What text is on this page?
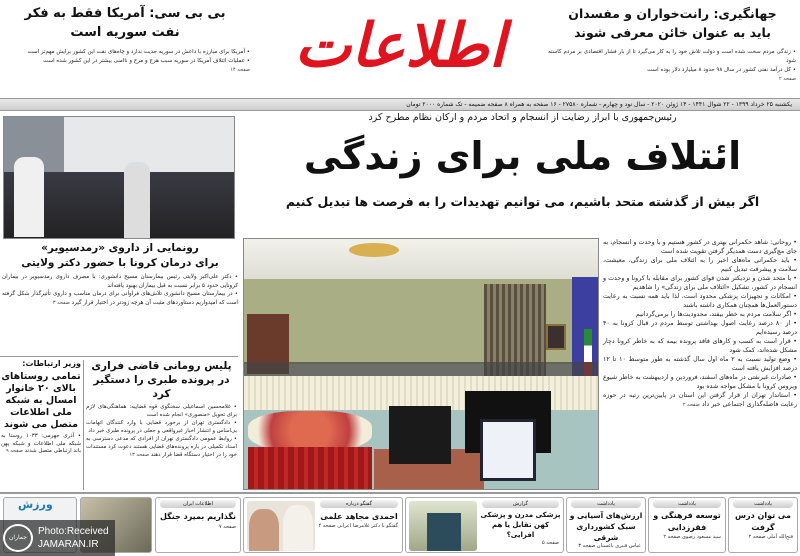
بی بی سی: آمریکا فقط به فکر
نفت سوریه است
• آمریکا برای مبارزه با داعش در سوریه جدیت ندارد و چاه‌های نفت این کشور برایش مهم‌تر است
• عملیات ائتلاف آمریکا در سوریه سبب هرج و مرج و ناامنی بیشتر در این کشور شده است
صفحه ۱۴ اطلاعات	جهانگیری: رانت‌خواران و مفسدان
باید به عنوان خائن معرفی شوند
• زندگی مردم سخت شده است و دولت تلاش خود را به کار می‌گیرد تا از بار فشار اقتصادی بر مردم کاسته شود
• کل درآمد نفتی کشور در سال ۹۸ حدود ۸ میلیارد دلار بوده است
صفحه ۲
یکشنبه ۲۵ خرداد ۱۳۹۹ - ۲۲ شوال ۱۴۴۱ - ۱۴ ژوئن ۲۰۲۰ - سال نود و چهارم - شماره ۲۷۵۸۰ - ۱۶ صفحه به همراه ۸ صفحه ضمیمه - تک شماره ۲۰۰۰ تومان
رئیس‌جمهوری با ابراز رضایت از انسجام و اتحاد مردم و ارکان نظام مطرح کرد
ائتلاف ملی برای زندگی
اگر بیش از گذشته متحد باشیم، می توانیم تهدیدات را به فرصت ها تبدیل کنیم
• روحانی: شاهد حکمرانی بهتری در کشور هستیم و با وحدت و انسجام، به جای مچ‌گیری دست همدیگر گرفتن تقویت شده است
• باید حکمرانی ماه‌های اخیر را به ائتلاف ملی برای زندگی، معیشت، سلامت و پیشرفت تبدیل کنیم
• با متحد شدن و نزدیکتر شدن قوای کشور برای مقابله با کرونا و وحدت و انسجام در کشور، تشکیل «ائتلاف ملی برای زندگی» را شاهدیم
• امکانات و تجهیزات پزشکی محدود است، لذا باید همه نسبت به رعایت دستورالعمل‌ها همچنان همکاری داشته باشند
• اگر سلامت مردم به خطر بیفتد، محدودیت‌ها را برمی‌گردانیم
• از ۸۰ درصد رعایت اصول بهداشتی توسط مردم در قبال کرونا به ۴۰ درصد رسیده‌ایم
• قرار است به کسب و کارهای فاقد پرونده بیمه که به خاطر کرونا دچار مشکل شده‌اند، کمک شود
• وضع تولید نسبت به ۲ ماه اول سال گذشته به طور متوسط ۱۰ تا ۱۲ درصد افزایش یافته است
• صادرات غیرنفتی در ماه‌های اسفند، فروردین و اردیبهشت به خاطر شیوع ویروس کرونا با مشکل مواجه شده بود
• استاندار تهران از قرار گرفتن این استان در پایین‌ترین رتبه در حوزه رعایت فاصله‌گذاری اجتماعی خبر داد صفحه ۲
رونمایی از داروی «رمدسیویر»
برای درمان کرونا با حضور دکتر ولایتی
• دکتر علی‌اکبر ولایتی رئیس بیمارستان مسیح دانشوری: با مصرف داروی رمدسیویر در بیماران کرونایی حدود ۵ برابر نسبت به قبل بیماران بهبود یافته‌اند
• در بیمارستان مسیح دانشوری تلاش‌های فراوانی برای درمان مناسب و داروی تأثیرگذار شکل گرفته است که امیدواریم دستاوردهای مثبت آن هرچه زودتر در اختیار قرار گیرد صفحه ۳
پلیس رومانی قاضی فراری
در پرونده طبری را دستگیر کرد
• غلامحسین اسماعیلی سخنگوی قوه قضاییه: هماهنگی‌های لازم برای تحویل «منصوری» انجام شده است
• دادگستری تهران از برخورد قضایی با وارد کنندگان اتهامات بی‌اساس و انتشار اخبار غیرواقعی و جعلی در پرونده طبری خبر داد
• روابط عمومی دادگستری تهران از افرادی که مدعی دسترسی به اسناد تکمیلی در باره پرونده‌های قضایی هستند دعوت کرد مستندات خود را در اختیار دستگاه قضا قرار دهند صفحه ۱۳
وزیر ارتباطات:
تمامی روستاهای بالای ۲۰ خانوار امسال به شبکه ملی اطلاعات متصل می شوند
• آذری جهرمی: ۱۰۳۳ روستا به شبکه ملی اطلاعات و شبکه پهن باند ارتباطی متصل شدند صفحه ۹
یادداشت
می توان درس گرفت
فتح‌الله آملی صفحه ۲
یادداشت
توسعه فرهنگی و فقرزدایی
سید مسعود رضوی صفحه ۲
یادداشت
ارزش‌های آسیایی و سبک کشورداری شرقی
عباس قنبری باغستان صفحه ۳
گزارش
پزشکی مدرن و پزشکی کهن تقابل یا هم افزایی؟
صفحه ۵
گفتگو درباره
احمدی مجاهد علمی
گفتگو با دکتر غلامرضا اعرابی صفحه ۴
اطلاعات ایران
نگذاریم بمیرد جنگل
صفحه ۷
ورزش
جماران
Photo:Received
JAMARAN.IR
